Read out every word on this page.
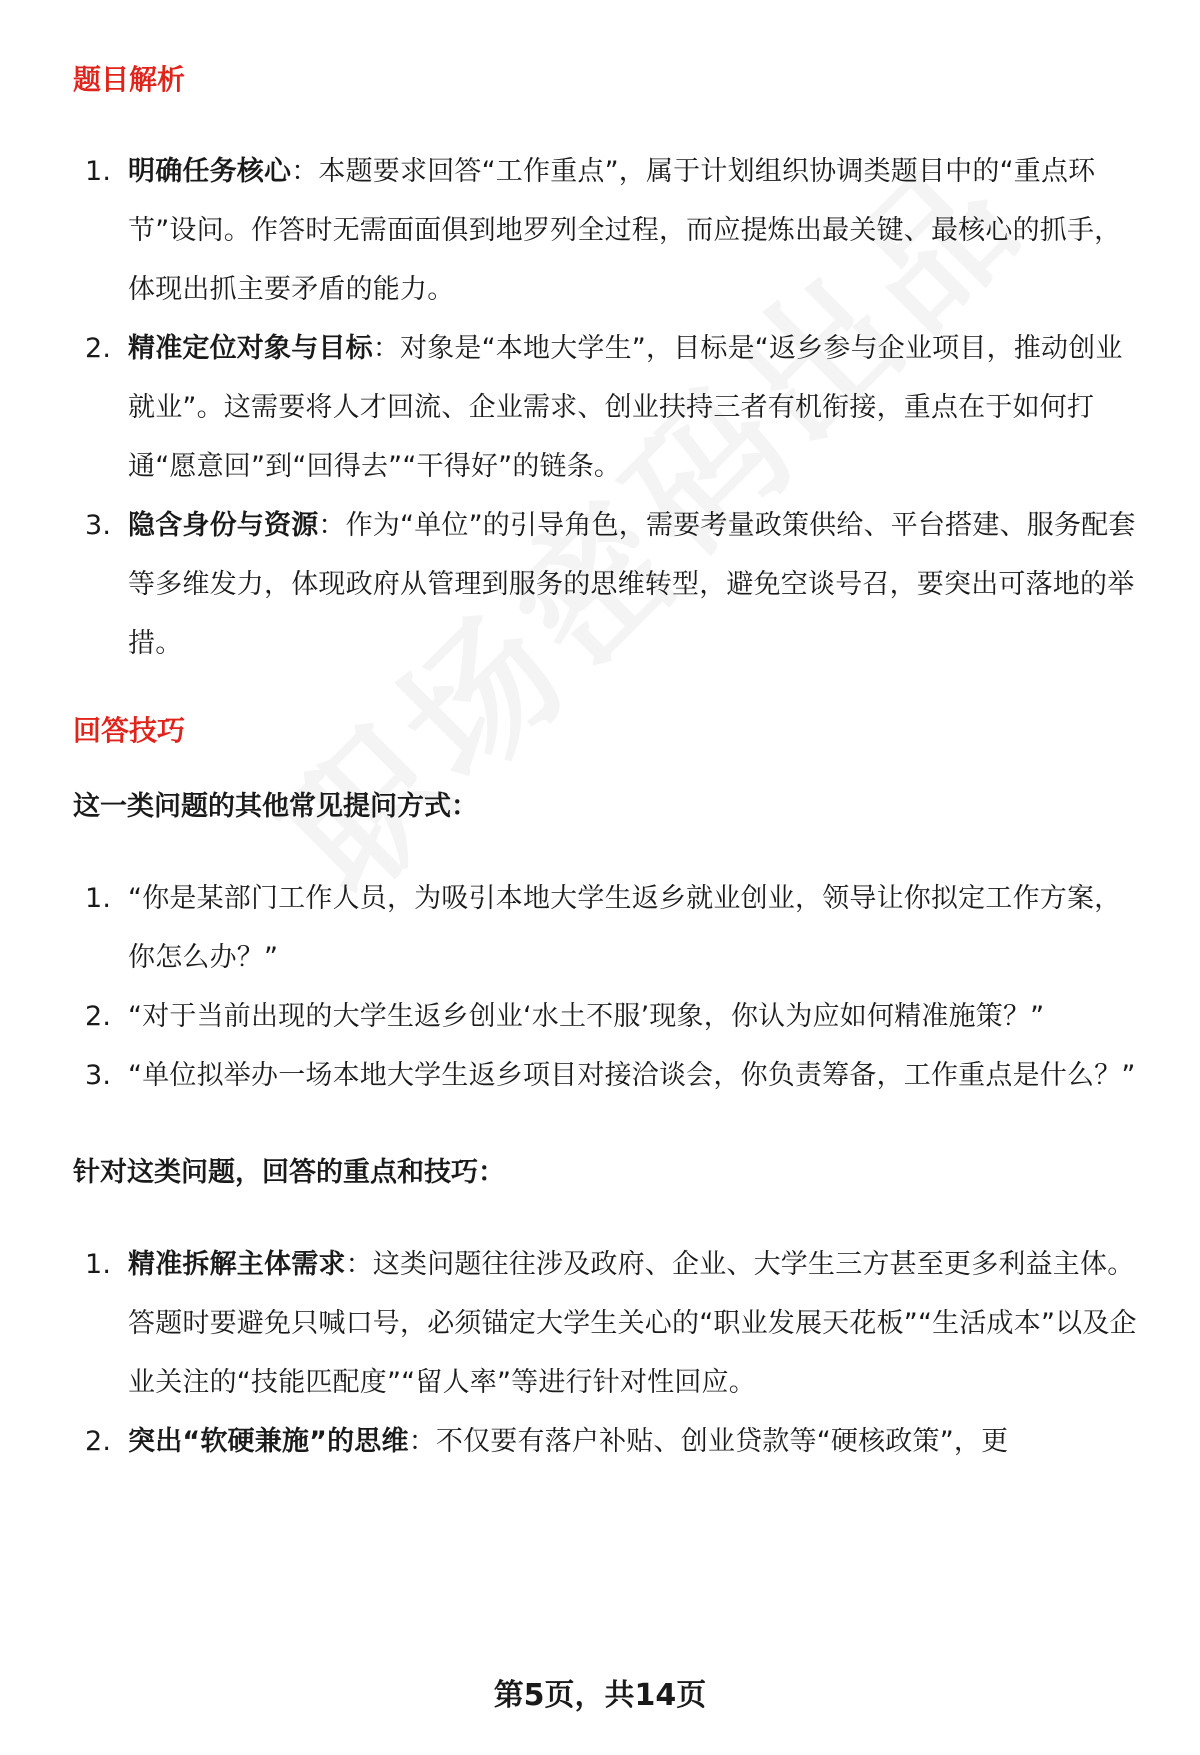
题目解析
1. 明确任务核心：本题要求回答“工作重点”，属于计划组织协调类题目中的“重点环节”设问。作答时无需面面俱到地罗列全过程，而应提炼出最关键、最核心的抓手，体现出抓主要矛盾的能力。
2. 精准定位对象与目标：对象是“本地大学生”，目标是“返乡参与企业项目，推动创业就业”。这需要将人才回流、企业需求、创业扶持三者有机衔接，重点在于如何打通“愿意回”到“回得去”“干得好”的链条。
3. 隐含身份与资源：作为“单位”的引导角色，需要考量政策供给、平台搭建、服务配套等多维发力，体现政府从管理到服务的思维转型，避免空谈号召，要突出可落地的举措。
回答技巧
这一类问题的其他常见提问方式：
1. “你是某部门工作人员，为吸引本地大学生返乡就业创业，领导让你拟定工作方案，你怎么办？”
2. “对于当前出现的大学生返乡创业‘水土不服’现象，你认为应如何精准施策？”
3. “单位拟举办一场本地大学生返乡项目对接洽谈会，你负责筹备，工作重点是什么？”
针对这类问题，回答的重点和技巧：
1. 精准拆解主体需求：这类问题往往涉及政府、企业、大学生三方甚至更多利益主体。答题时要避免只喊口号，必须锚定大学生关心的“职业发展天花板”“生活成本”以及企业关注的“技能匹配度”“留人率”等进行针对性回应。
2. 突出“软硬兼施”的思维：不仅要有落户补贴、创业贷款等“硬核政策”，更
第5页，共14页
